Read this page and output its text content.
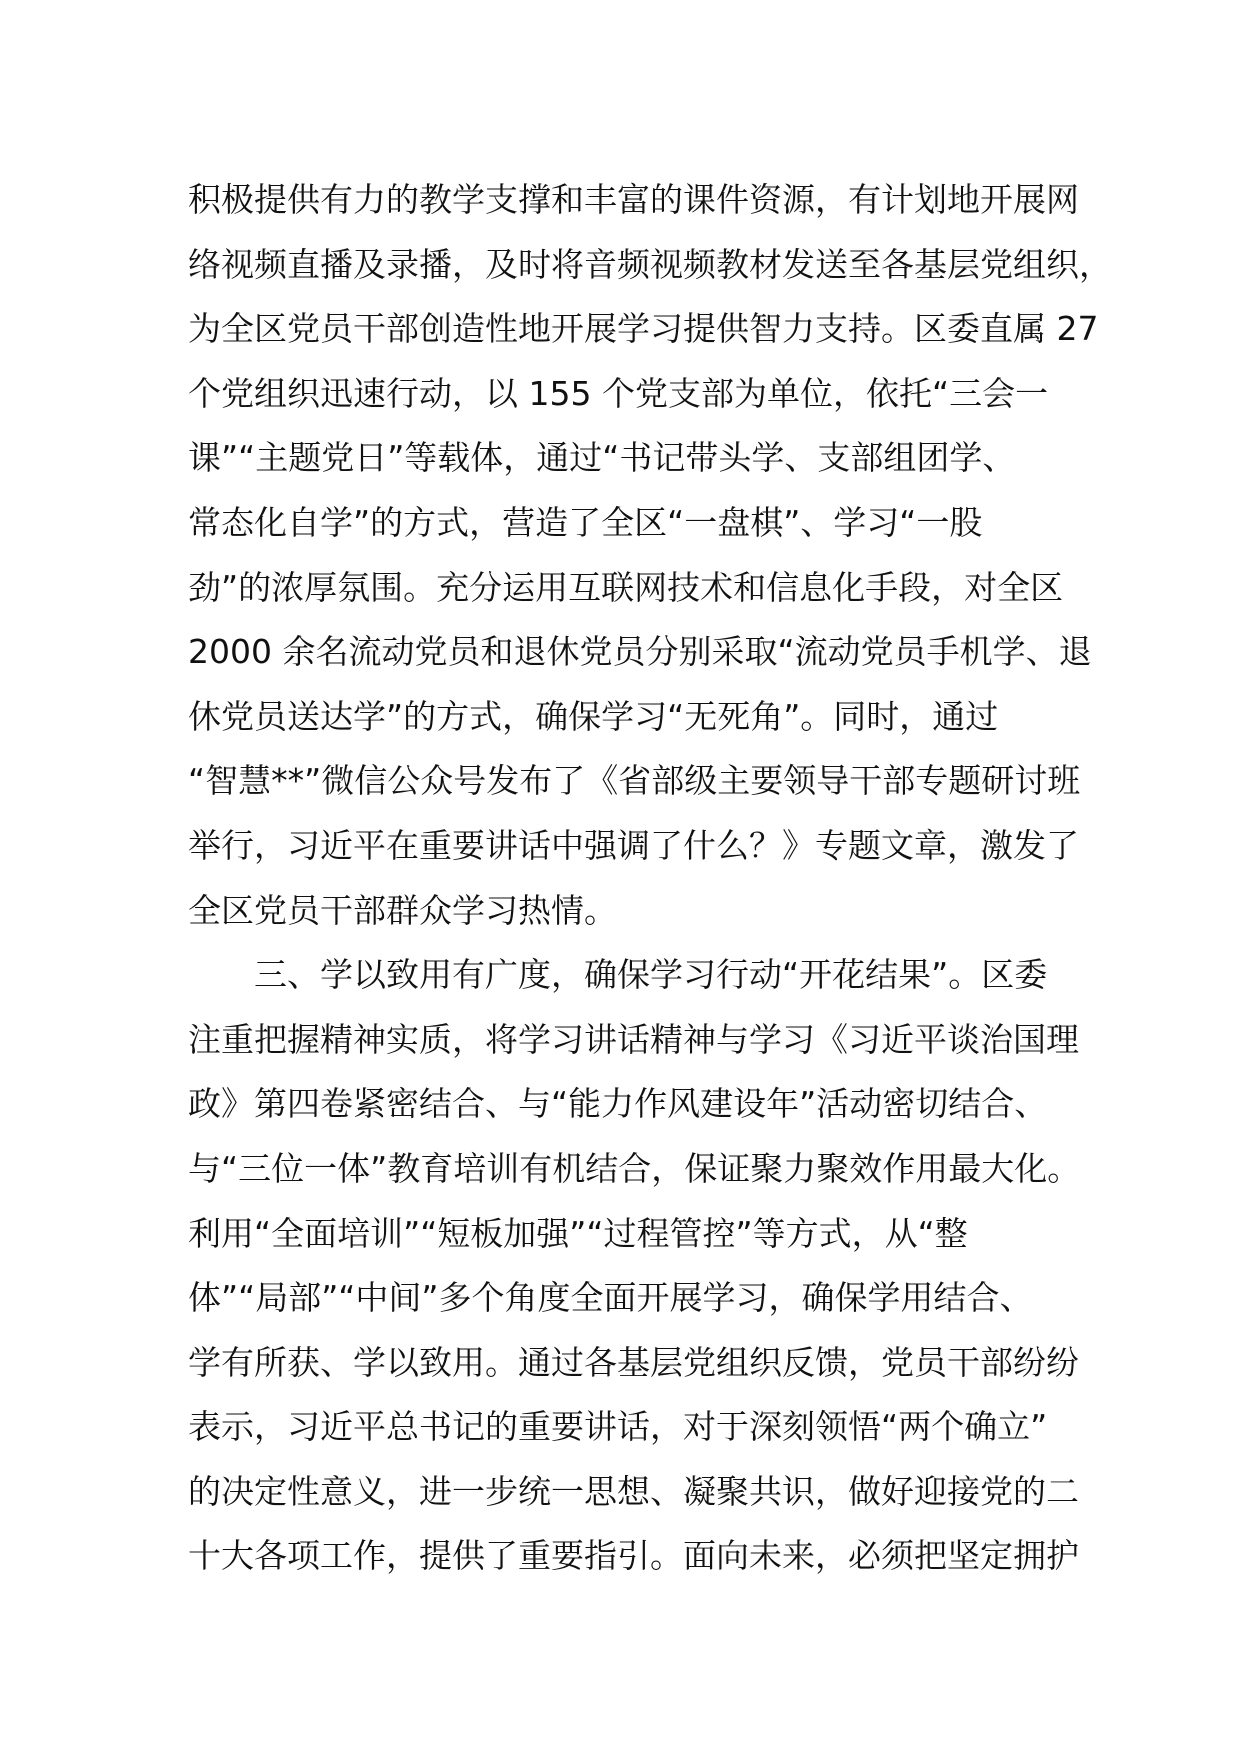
积极提供有力的教学支撑和丰富的课件资源，有计划地开展网
络视频直播及录播，及时将音频视频教材发送至各基层党组织，
为全区党员干部创造性地开展学习提供智力支持。区委直属 27
个党组织迅速行动，以 155 个党支部为单位，依托“三会一
课”“主题党日”等载体，通过“书记带头学、支部组团学、
常态化自学”的方式，营造了全区“一盘棋”、学习“一股
劲”的浓厚氛围。充分运用互联网技术和信息化手段，对全区
2000 余名流动党员和退休党员分别采取“流动党员手机学、退
休党员送达学”的方式，确保学习“无死角”。同时，通过
“智慧**”微信公众号发布了《省部级主要领导干部专题研讨班
举行，习近平在重要讲话中强调了什么？》专题文章，激发了
全区党员干部群众学习热情。
　　三、学以致用有广度，确保学习行动“开花结果”。区委
注重把握精神实质，将学习讲话精神与学习《习近平谈治国理
政》第四卷紧密结合、与“能力作风建设年”活动密切结合、
与“三位一体”教育培训有机结合，保证聚力聚效作用最大化。
利用“全面培训”“短板加强”“过程管控”等方式，从“整
体”“局部”“中间”多个角度全面开展学习，确保学用结合、
学有所获、学以致用。通过各基层党组织反馈，党员干部纷纷
表示，习近平总书记的重要讲话，对于深刻领悟“两个确立”
的决定性意义，进一步统一思想、凝聚共识，做好迎接党的二
十大各项工作，提供了重要指引。面向未来，必须把坚定拥护
